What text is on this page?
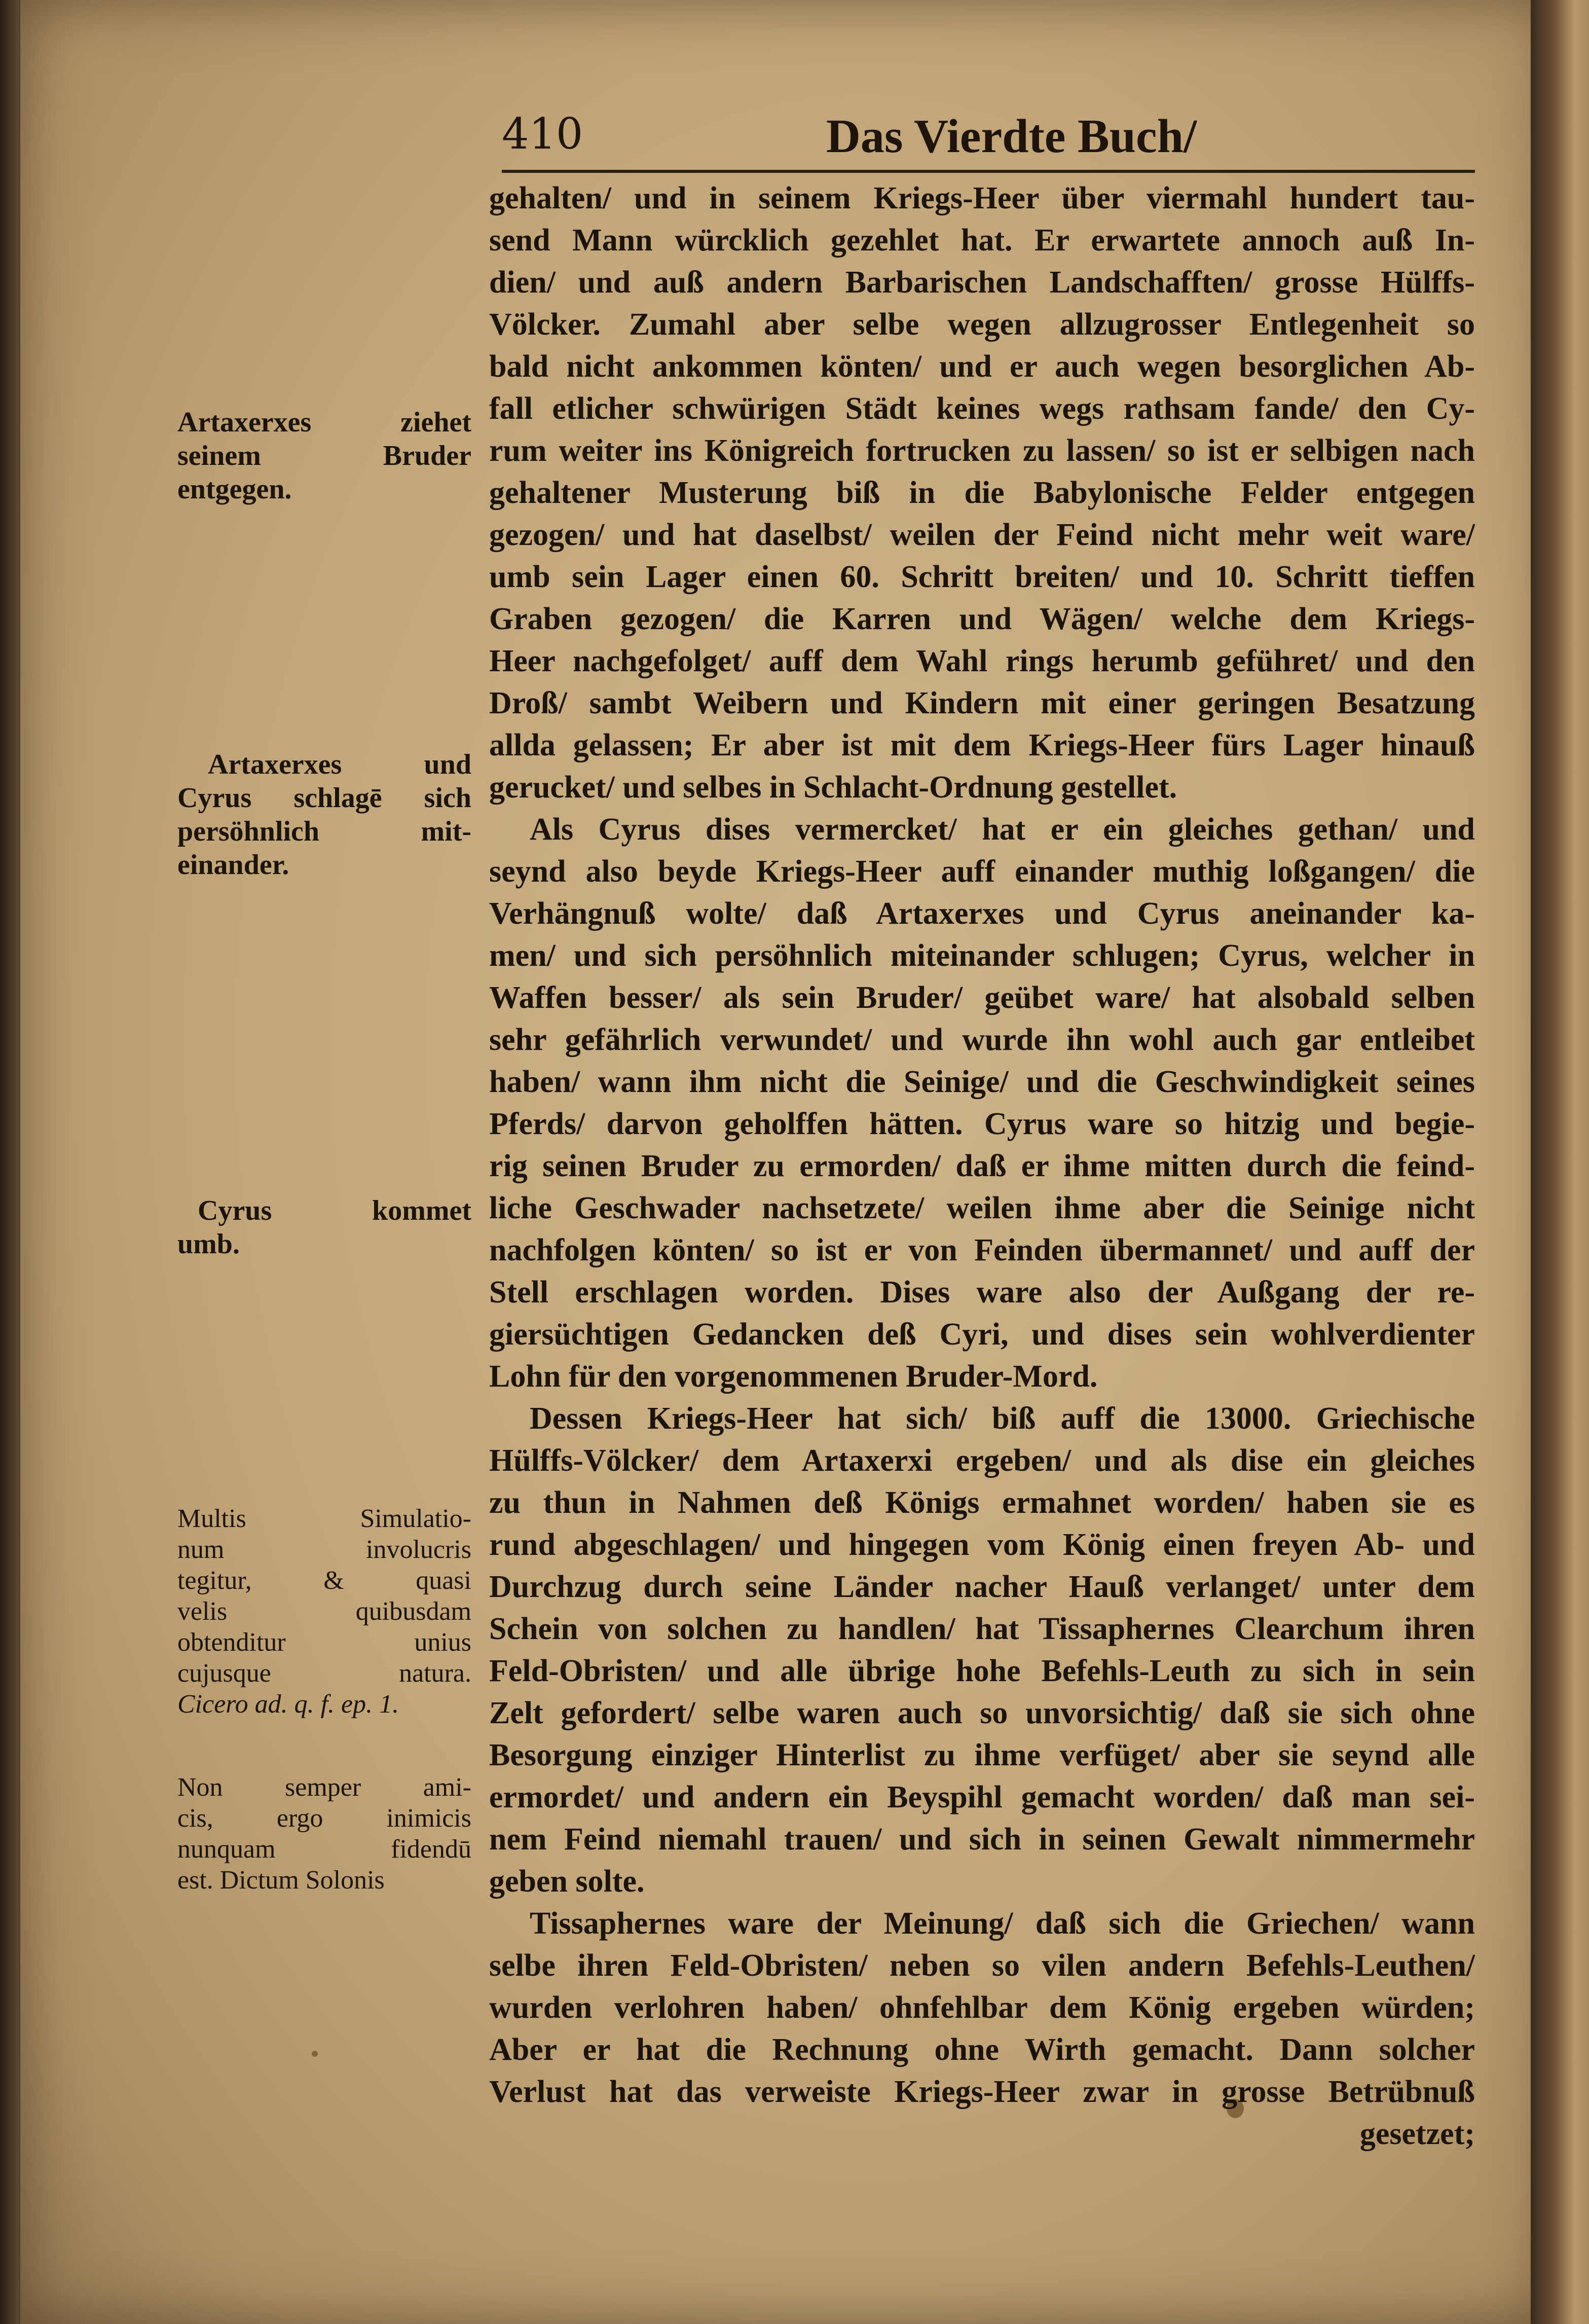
410	Das Vierdte Buch/
gehalten/ und in seinem Kriegs-Heer über viermahl hundert tau-
send Mann würcklich gezehlet hat. Er erwartete annoch auß In-
dien/ und auß andern Barbarischen Landschafften/ grosse Hülffs-
Völcker. Zumahl aber selbe wegen allzugrosser Entlegenheit so
bald nicht ankommen könten/ und er auch wegen besorglichen Ab-
fall etlicher schwürigen Städt keines wegs rathsam fande/ den Cy-
rum weiter ins Königreich fortrucken zu lassen/ so ist er selbigen nach
gehaltener Musterung biß in die Babylonische Felder entgegen
gezogen/ und hat daselbst/ weilen der Feind nicht mehr weit ware/
umb sein Lager einen 60. Schritt breiten/ und 10. Schritt tieffen
Graben gezogen/ die Karren und Wägen/ welche dem Kriegs-
Heer nachgefolget/ auff dem Wahl rings herumb geführet/ und den
Droß/ sambt Weibern und Kindern mit einer geringen Besatzung
allda gelassen; Er aber ist mit dem Kriegs-Heer fürs Lager hinauß
gerucket/ und selbes in Schlacht-Ordnung gestellet.
Als Cyrus dises vermercket/ hat er ein gleiches gethan/ und
seynd also beyde Kriegs-Heer auff einander muthig loßgangen/ die
Verhängnuß wolte/ daß Artaxerxes und Cyrus aneinander ka-
men/ und sich persöhnlich miteinander schlugen; Cyrus, welcher in
Waffen besser/ als sein Bruder/ geübet ware/ hat alsobald selben
sehr gefährlich verwundet/ und wurde ihn wohl auch gar entleibet
haben/ wann ihm nicht die Seinige/ und die Geschwindigkeit seines
Pferds/ darvon geholffen hätten. Cyrus ware so hitzig und begie-
rig seinen Bruder zu ermorden/ daß er ihme mitten durch die feind-
liche Geschwader nachsetzete/ weilen ihme aber die Seinige nicht
nachfolgen könten/ so ist er von Feinden übermannet/ und auff der
Stell erschlagen worden. Dises ware also der Außgang der re-
giersüchtigen Gedancken deß Cyri, und dises sein wohlverdienter
Lohn für den vorgenommenen Bruder-Mord.
Dessen Kriegs-Heer hat sich/ biß auff die 13000. Griechische
Hülffs-Völcker/ dem Artaxerxi ergeben/ und als dise ein gleiches
zu thun in Nahmen deß Königs ermahnet worden/ haben sie es
rund abgeschlagen/ und hingegen vom König einen freyen Ab- und
Durchzug durch seine Länder nacher Hauß verlanget/ unter dem
Schein von solchen zu handlen/ hat Tissaphernes Clearchum ihren
Feld-Obristen/ und alle übrige hohe Befehls-Leuth zu sich in sein
Zelt gefordert/ selbe waren auch so unvorsichtig/ daß sie sich ohne
Besorgung einziger Hinterlist zu ihme verfüget/ aber sie seynd alle
ermordet/ und andern ein Beyspihl gemacht worden/ daß man sei-
nem Feind niemahl trauen/ und sich in seinen Gewalt nimmermehr
geben solte.
Tissaphernes ware der Meinung/ daß sich die Griechen/ wann
selbe ihren Feld-Obristen/ neben so vilen andern Befehls-Leuthen/
wurden verlohren haben/ ohnfehlbar dem König ergeben würden;
Aber er hat die Rechnung ohne Wirth gemacht. Dann solcher
Verlust hat das verweiste Kriegs-Heer zwar in grosse Betrübnuß
gesetzet;
Artaxerxes ziehet
seinem Bruder
entgegen.
Artaxerxes und
Cyrus schlagē sich
persöhnlich mit-
einander.
Cyrus kommet
umb.
Multis Simulatio-
num involucris
tegitur, & quasi
velis quibusdam
obtenditur unius
cujusque natura.
Cicero ad. q. f. ep. 1.
Non semper ami-
cis, ergo inimicis
nunquam fidendū
est. Dictum Solonis
